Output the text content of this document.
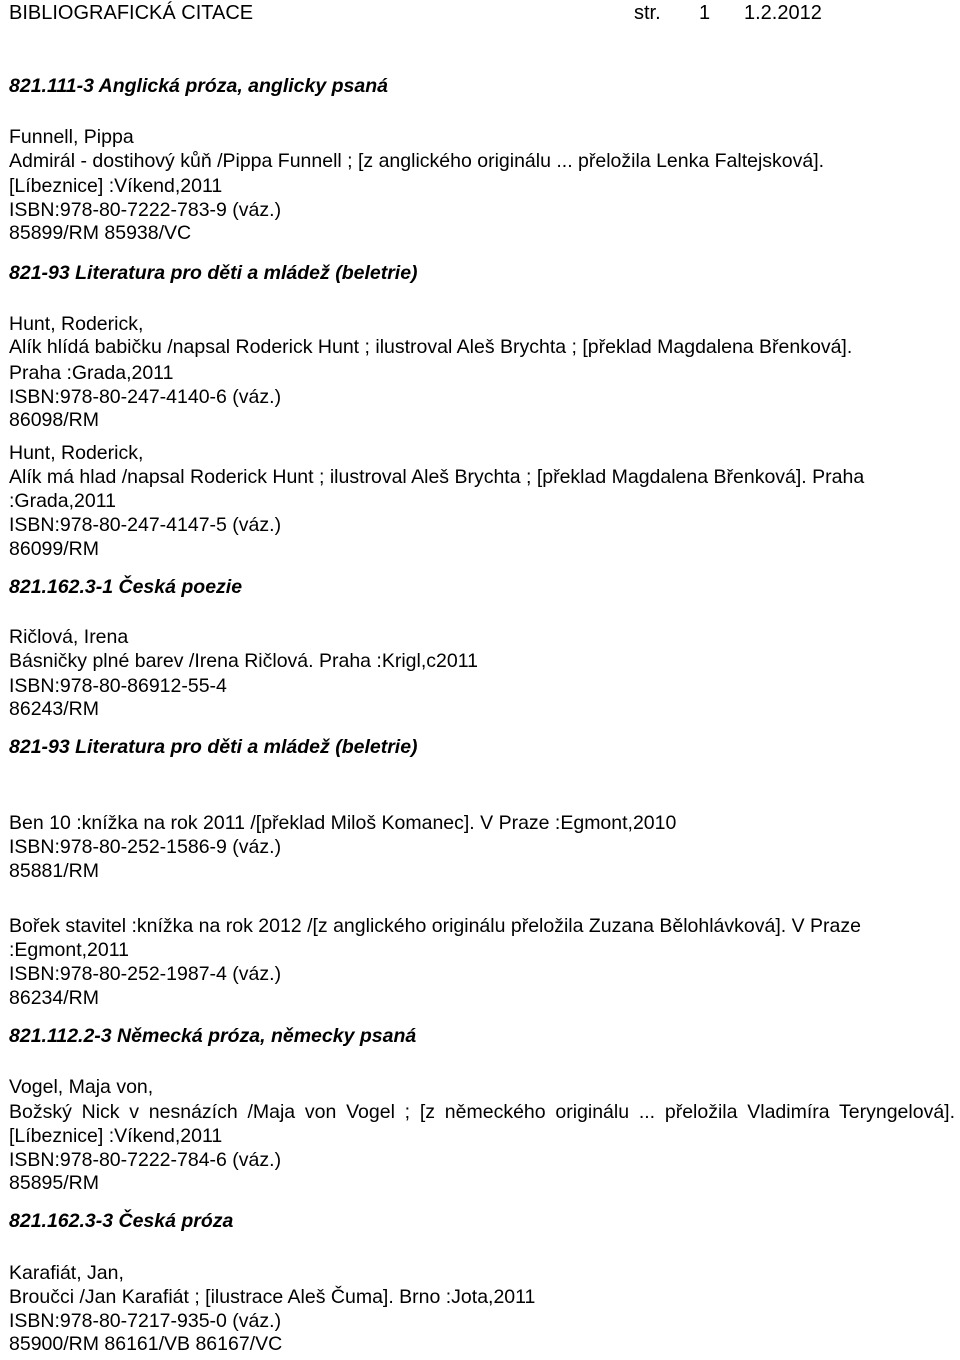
BIBLIOGRAFICKÁ CITACE	str. 1 1.2.2012
821.111-3 Anglická próza, anglicky psaná
Funnell, Pippa
Admirál - dostihový kůň /Pippa Funnell ; [z anglického originálu ... přeložila Lenka Faltejsková].
[Líbeznice] :Víkend,2011
ISBN:978-80-7222-783-9 (váz.)
85899/RM 85938/VC
821-93 Literatura pro děti a mládež (beletrie)
Hunt, Roderick,
Alík hlídá babičku /napsal Roderick Hunt ; ilustroval Aleš Brychta ; [překlad Magdalena Břenková].
Praha :Grada,2011
ISBN:978-80-247-4140-6 (váz.)
86098/RM
Hunt, Roderick,
Alík má hlad /napsal Roderick Hunt ; ilustroval Aleš Brychta ; [překlad Magdalena Břenková]. Praha :Grada,2011
ISBN:978-80-247-4147-5 (váz.)
86099/RM
821.162.3-1 Česká poezie
Ričlová, Irena
Básničky plné barev /Irena Ričlová. Praha :Krigl,c2011
ISBN:978-80-86912-55-4
86243/RM
821-93 Literatura pro děti a mládež (beletrie)
Ben 10 :knížka na rok 2011 /[překlad Miloš Komanec]. V Praze :Egmont,2010
ISBN:978-80-252-1586-9 (váz.)
85881/RM
Bořek stavitel :knížka na rok 2012 /[z anglického originálu přeložila Zuzana Bělohlávková]. V Praze :Egmont,2011
ISBN:978-80-252-1987-4 (váz.)
86234/RM
821.112.2-3 Německá próza, německy psaná
Vogel, Maja von,
Božský Nick v nesnázích /Maja von Vogel ; [z německého originálu ... přeložila Vladimíra Teryngelová]. [Líbeznice] :Víkend,2011
ISBN:978-80-7222-784-6 (váz.)
85895/RM
821.162.3-3 Česká próza
Karafiát, Jan,
Broučci /Jan Karafiát ; [ilustrace Aleš Čuma]. Brno :Jota,2011
ISBN:978-80-7217-935-0 (váz.)
85900/RM 86161/VB 86167/VC
